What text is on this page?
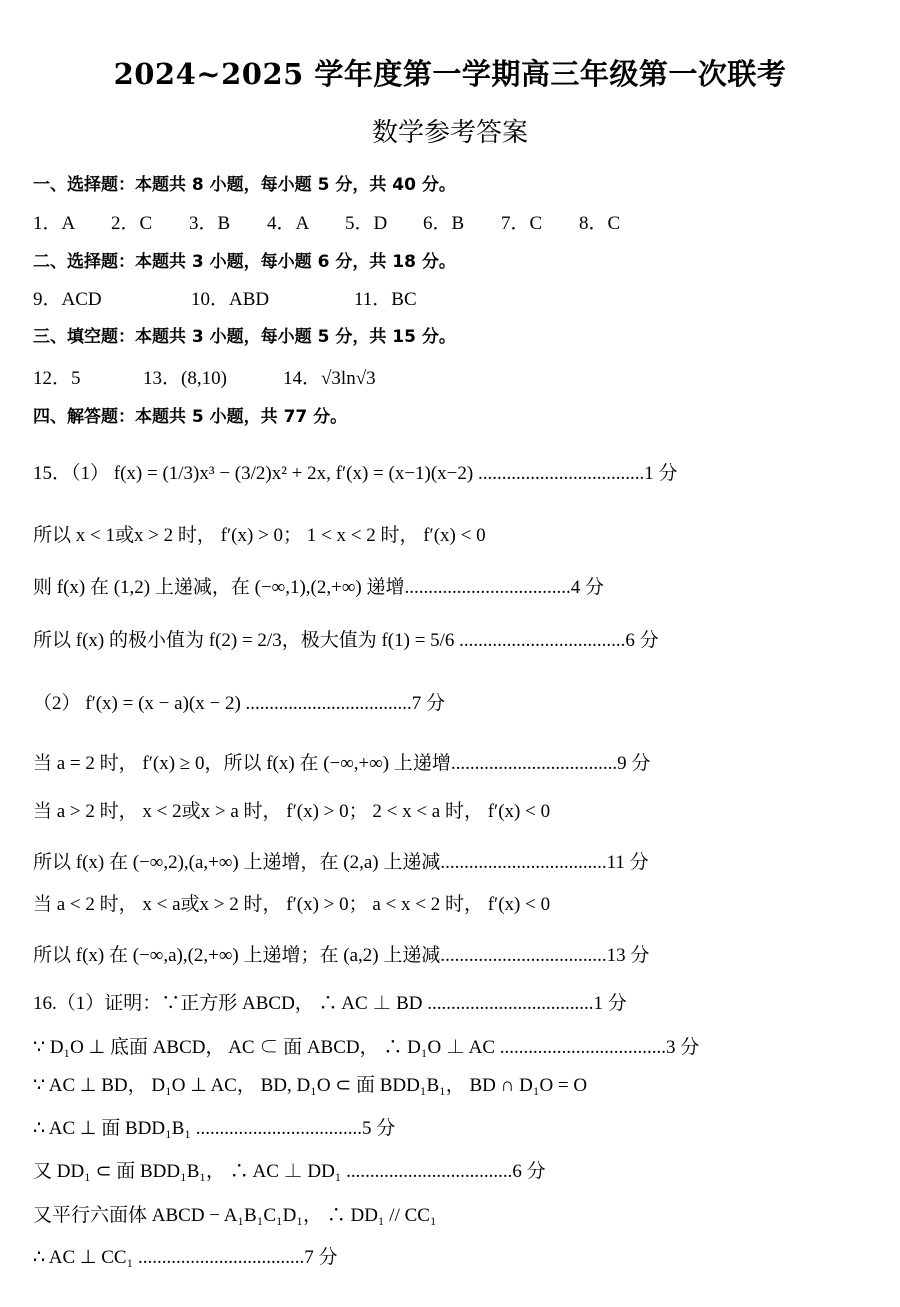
2024~2025 学年度第一学期高三年级第一次联考
数学参考答案
一、选择题：本题共 8 小题，每小题 5 分，共 40 分。
1．A 2．C 3．B 4．A 5．D 6．B 7．C 8．C
二、选择题：本题共 3 小题，每小题 6 分，共 18 分。
9．ACD	10．ABD	11．BC
三、填空题：本题共 3 小题，每小题 5 分，共 15 分。
12．5	13．(8,10)	14．√3ln√3
四、解答题：本题共 5 小题，共 77 分。
15．（1） f(x) = (1/3)x³ − (3/2)x² + 2x, f′(x) = (x−1)(x−2) ...................................1 分
所以 x < 1或x > 2 时， f′(x) > 0； 1 < x < 2 时， f′(x) < 0
则 f(x) 在 (1,2) 上递减，在 (−∞,1),(2,+∞) 递增...................................4 分
所以 f(x) 的极小值为 f(2) = 2/3，极大值为 f(1) = 5/6 ...................................6 分
（2） f′(x) = (x − a)(x − 2) ...................................7 分
当 a = 2 时， f′(x) ≥ 0，所以 f(x) 在 (−∞,+∞) 上递增...................................9 分
当 a > 2 时， x < 2或x > a 时， f′(x) > 0； 2 < x < a 时， f′(x) < 0
所以 f(x) 在 (−∞,2),(a,+∞) 上递增，在 (2,a) 上递减...................................11 分
当 a < 2 时， x < a或x > 2 时， f′(x) > 0； a < x < 2 时， f′(x) < 0
所以 f(x) 在 (−∞,a),(2,+∞) 上递增；在 (a,2) 上递减...................................13 分
16.（1）证明：∵正方形 ABCD， ∴ AC ⊥ BD ...................................1 分
∵ D₁O ⊥ 底面 ABCD， AC ⊂ 面 ABCD， ∴ D₁O ⊥ AC ...................................3 分
∵ AC ⊥ BD， D₁O ⊥ AC， BD, D₁O ⊂ 面 BDD₁B₁， BD ∩ D₁O = O
∴ AC ⊥ 面 BDD₁B₁ ...................................5 分
又 DD₁ ⊂ 面 BDD₁B₁， ∴ AC ⊥ DD₁ ...................................6 分
又平行六面体 ABCD − A₁B₁C₁D₁， ∴ DD₁ // CC₁
∴ AC ⊥ CC₁ ...................................7 分
